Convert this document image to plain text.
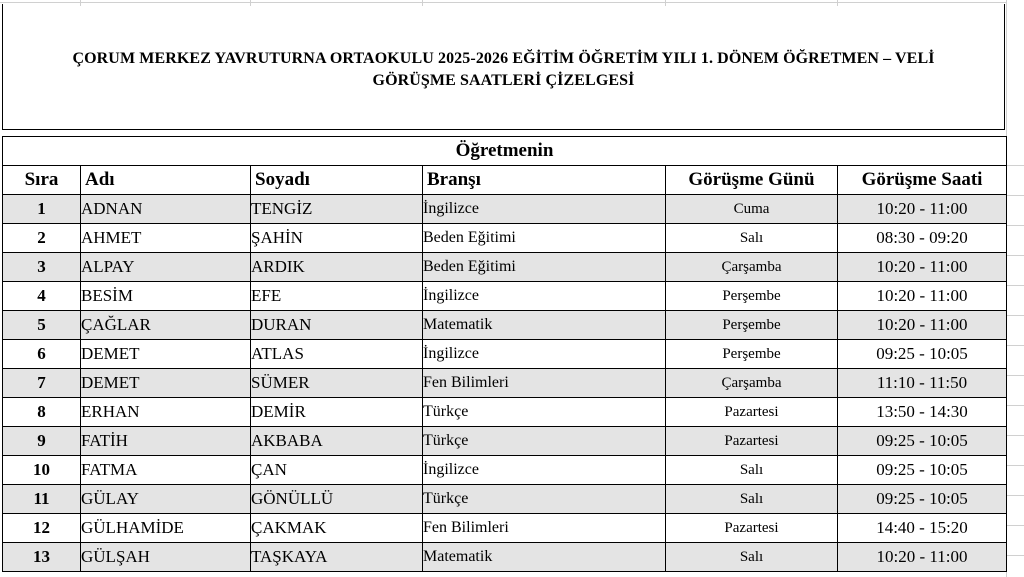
ÇORUM MERKEZ YAVRUTURNA ORTAOKULU 2025-2026 EĞİTİM ÖĞRETİM YILI 1. DÖNEM ÖĞRETMEN – VELİ
GÖRÜŞME SAATLERİ ÇİZELGESİ
Öğretmenin					
Sıra	Adı	Soyadı	Branşı	Görüşme Günü	Görüşme Saati
1	ADNAN	TENGİZ	İngilizce	Cuma	10:20 - 11:00
2	AHMET	ŞAHİN	Beden Eğitimi	Salı	08:30 - 09:20
3	ALPAY	ARDIK	Beden Eğitimi	Çarşamba	10:20 - 11:00
4	BESİM	EFE	İngilizce	Perşembe	10:20 - 11:00
5	ÇAĞLAR	DURAN	Matematik	Perşembe	10:20 - 11:00
6	DEMET	ATLAS	İngilizce	Perşembe	09:25 - 10:05
7	DEMET	SÜMER	Fen Bilimleri	Çarşamba	11:10 - 11:50
8	ERHAN	DEMİR	Türkçe	Pazartesi	13:50 - 14:30
9	FATİH	AKBABA	Türkçe	Pazartesi	09:25 - 10:05
10	FATMA	ÇAN	İngilizce	Salı	09:25 - 10:05
11	GÜLAY	GÖNÜLLÜ	Türkçe	Salı	09:25 - 10:05
12	GÜLHAMİDE	ÇAKMAK	Fen Bilimleri	Pazartesi	14:40 - 15:20
13	GÜLŞAH	TAŞKAYA	Matematik	Salı	10:20 - 11:00
